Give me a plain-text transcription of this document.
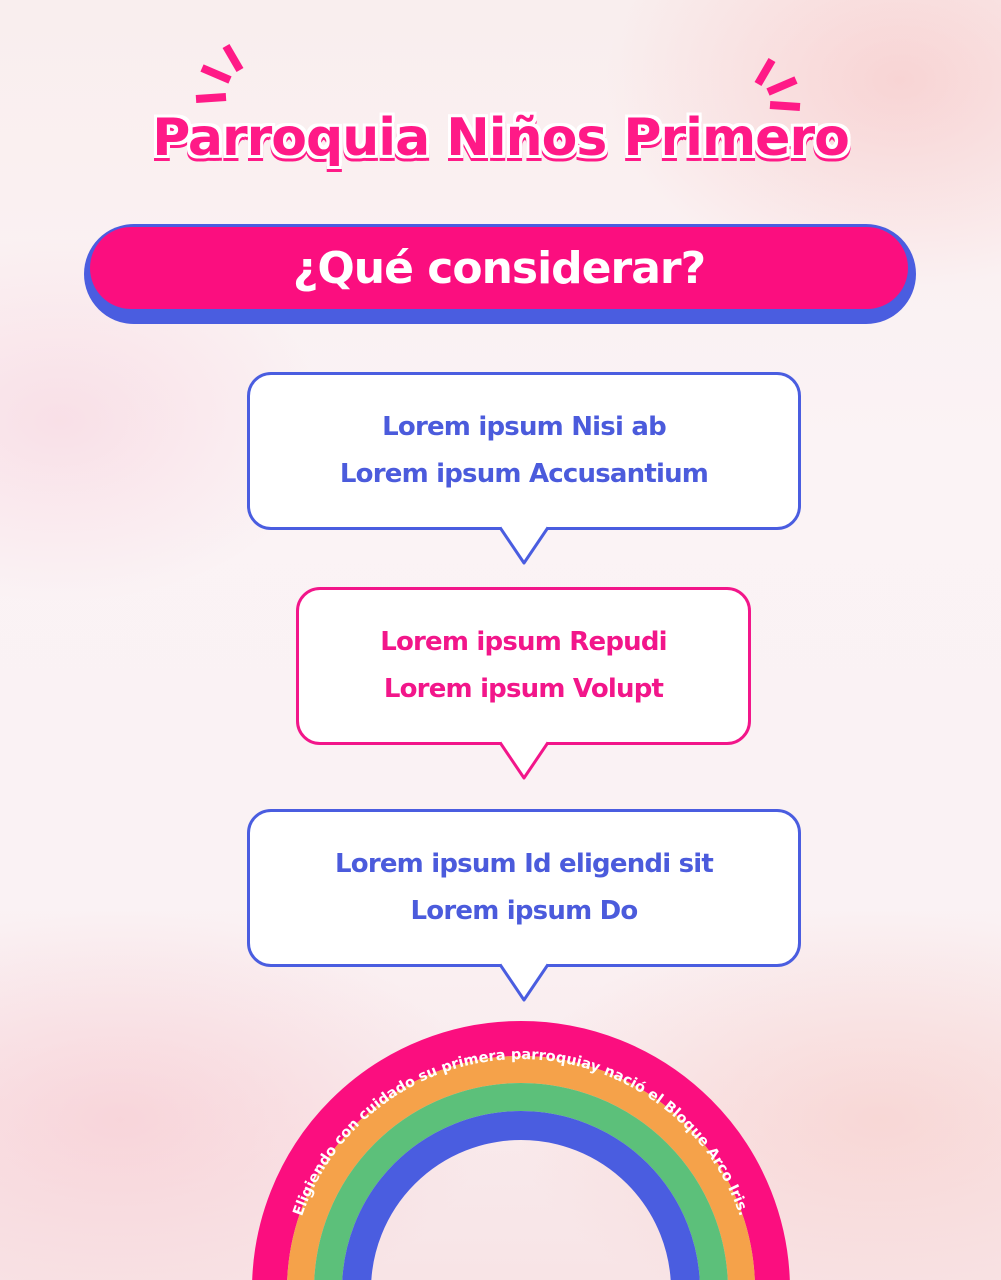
Parroquia Niños Primero
¿Qué considerar?
Lorem ipsum Nisi ab
Lorem ipsum Accusantium
Lorem ipsum Repudi
Lorem ipsum Volupt
Lorem ipsum Id eligendi sit
Lorem ipsum Do
Eligiendo con cuidado su primera parroquiay nació el Bloque Arco Iris.
